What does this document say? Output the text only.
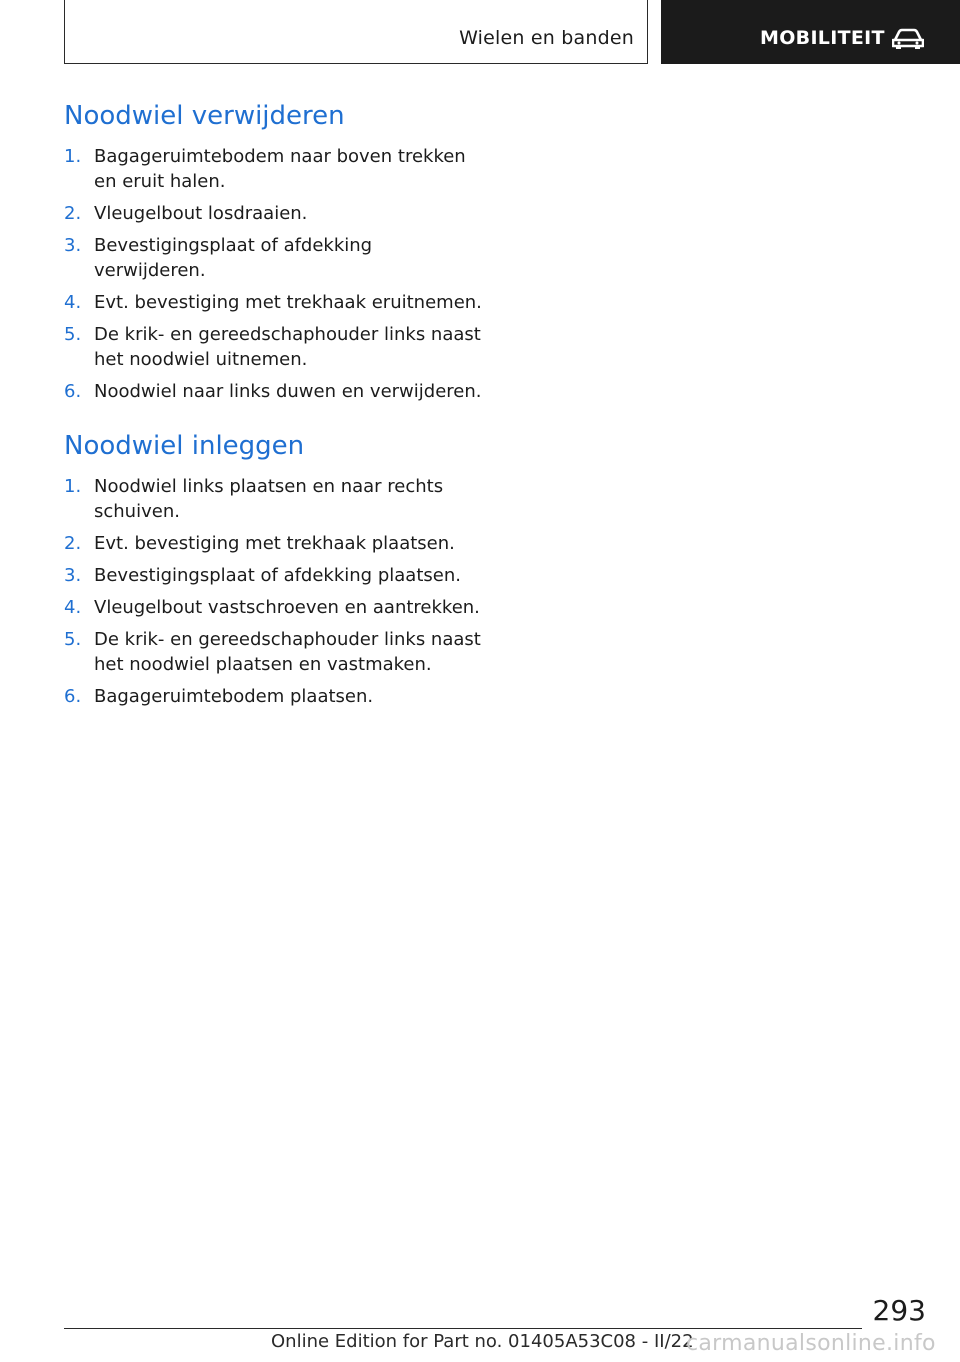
Wielen en banden	MOBILITEIT
Noodwiel verwijderen
1. Bagageruimtebodem naar boven trekken en eruit halen.
2. Vleugelbout losdraaien.
3. Bevestigingsplaat of afdekking verwijderen.
4. Evt. bevestiging met trekhaak eruitnemen.
5. De krik- en gereedschaphouder links naast het noodwiel uitnemen.
6. Noodwiel naar links duwen en verwijderen.
Noodwiel inleggen
1. Noodwiel links plaatsen en naar rechts schuiven.
2. Evt. bevestiging met trekhaak plaatsen.
3. Bevestigingsplaat of afdekking plaatsen.
4. Vleugelbout vastschroeven en aantrekken.
5. De krik- en gereedschaphouder links naast het noodwiel plaatsen en vastmaken.
6. Bagageruimtebodem plaatsen.
293
Online Edition for Part no. 01405A53C08 - II/22
carmanualsonline.info
